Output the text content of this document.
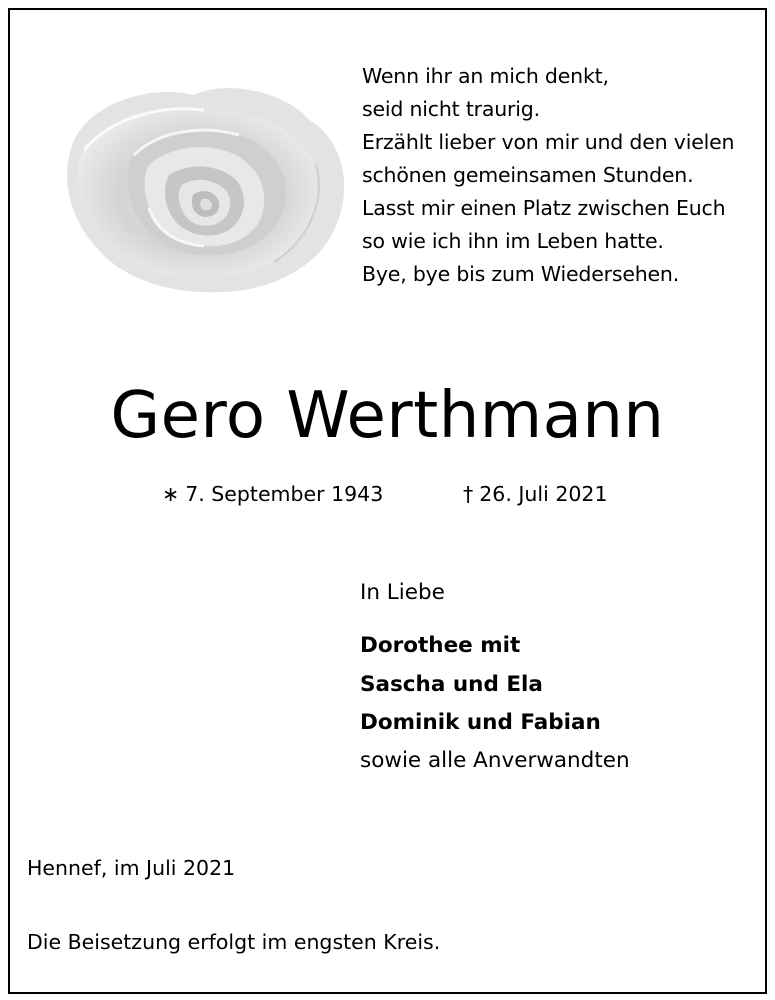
Wenn ihr an mich denkt,
seid nicht traurig.
Erzählt lieber von mir und den vielen
schönen gemeinsamen Stunden.
Lasst mir einen Platz zwischen Euch
so wie ich ihn im Leben hatte.
Bye, bye bis zum Wiedersehen.
Gero Werthmann
∗ 7. September 1943	† 26. Juli 2021
In Liebe
Dorothee mit
Sascha und Ela
Dominik und Fabian
sowie alle Anverwandten
Hennef, im Juli 2021
Die Beisetzung erfolgt im engsten Kreis.
